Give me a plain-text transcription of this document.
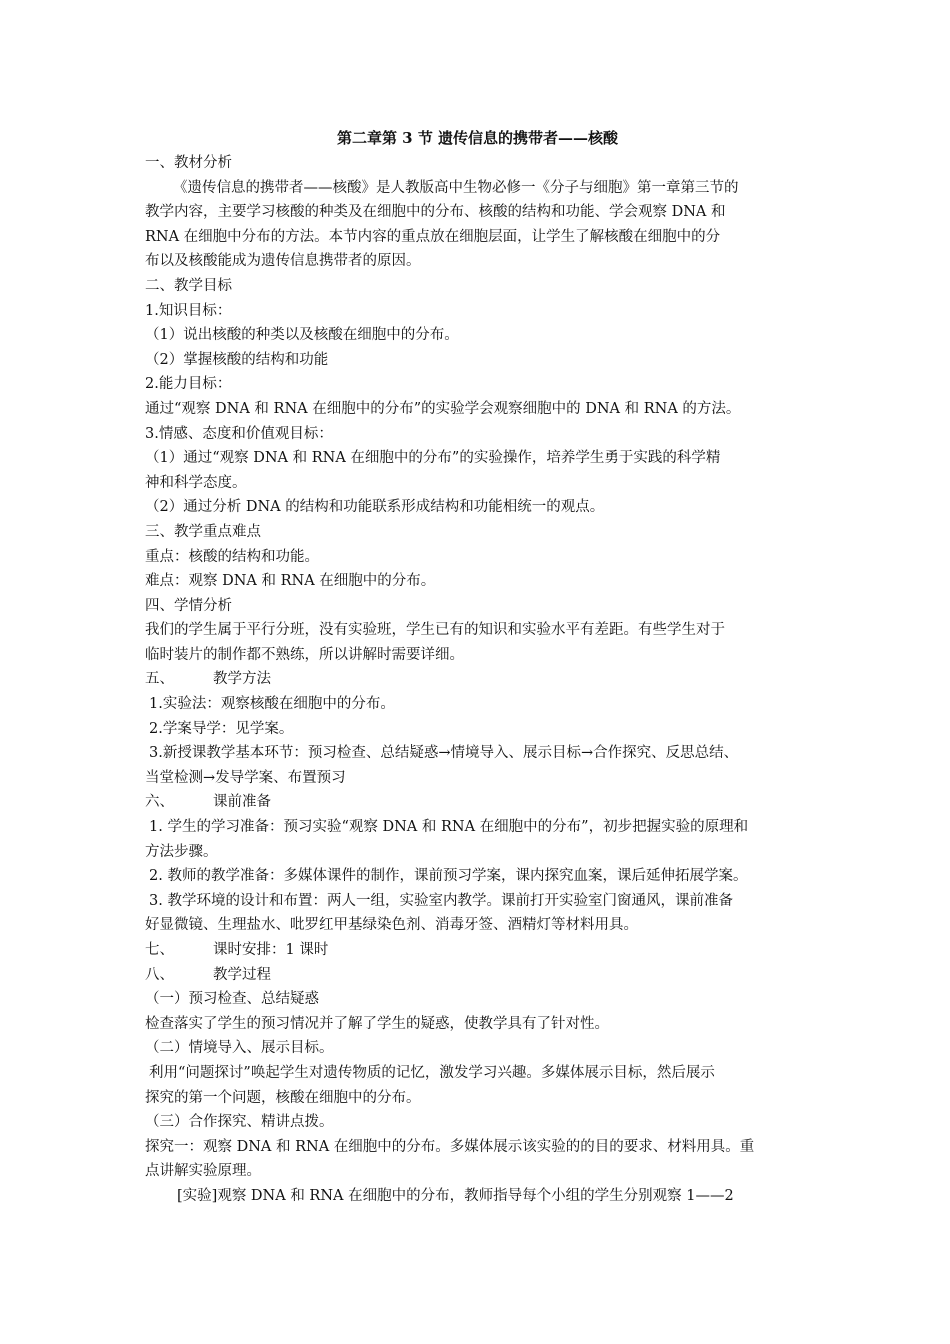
第二章第 3 节 遗传信息的携带者——核酸
一、教材分析
《遗传信息的携带者——核酸》是人教版高中生物必修一《分子与细胞》第一章第三节的
教学内容，主要学习核酸的种类及在细胞中的分布、核酸的结构和功能、学会观察 DNA 和
RNA 在细胞中分布的方法。本节内容的重点放在细胞层面，让学生了解核酸在细胞中的分
布以及核酸能成为遗传信息携带者的原因。
二、教学目标
1.知识目标：
（1）说出核酸的种类以及核酸在细胞中的分布。
（2）掌握核酸的结构和功能
2.能力目标：
通过“观察 DNA 和 RNA 在细胞中的分布”的实验学会观察细胞中的 DNA 和 RNA 的方法。
3.情感、态度和价值观目标：
（1）通过“观察 DNA 和 RNA 在细胞中的分布”的实验操作，培养学生勇于实践的科学精
神和科学态度。
（2）通过分析 DNA 的结构和功能联系形成结构和功能相统一的观点。
三、教学重点难点
重点：核酸的结构和功能。
难点：观察 DNA 和 RNA 在细胞中的分布。
四、学情分析
我们的学生属于平行分班，没有实验班，学生已有的知识和实验水平有差距。有些学生对于
临时装片的制作都不熟练，所以讲解时需要详细。
五、	教学方法
1.实验法：观察核酸在细胞中的分布。
2.学案导学：见学案。
3.新授课教学基本环节：预习检查、总结疑惑→情境导入、展示目标→合作探究、反思总结、
当堂检测→发导学案、布置预习
六、	课前准备
1. 学生的学习准备：预习实验“观察 DNA 和 RNA 在细胞中的分布”，初步把握实验的原理和
方法步骤。
2. 教师的教学准备：多媒体课件的制作，课前预习学案，课内探究血案，课后延伸拓展学案。
3. 教学环境的设计和布置：两人一组，实验室内教学。课前打开实验室门窗通风，课前准备
好显微镜、生理盐水、吡罗红甲基绿染色剂、消毒牙签、酒精灯等材料用具。
七、	课时安排：1 课时
八、	教学过程
（一）预习检查、总结疑惑
检查落实了学生的预习情况并了解了学生的疑惑，使教学具有了针对性。
（二）情境导入、展示目标。
利用“问题探讨”唤起学生对遗传物质的记忆，激发学习兴趣。多媒体展示目标，然后展示
探究的第一个问题，核酸在细胞中的分布。
（三）合作探究、精讲点拨。
探究一：观察 DNA 和 RNA 在细胞中的分布。多媒体展示该实验的的目的要求、材料用具。重
点讲解实验原理。
[实验]观察 DNA 和 RNA 在细胞中的分布，教师指导每个小组的学生分别观察 1——2
